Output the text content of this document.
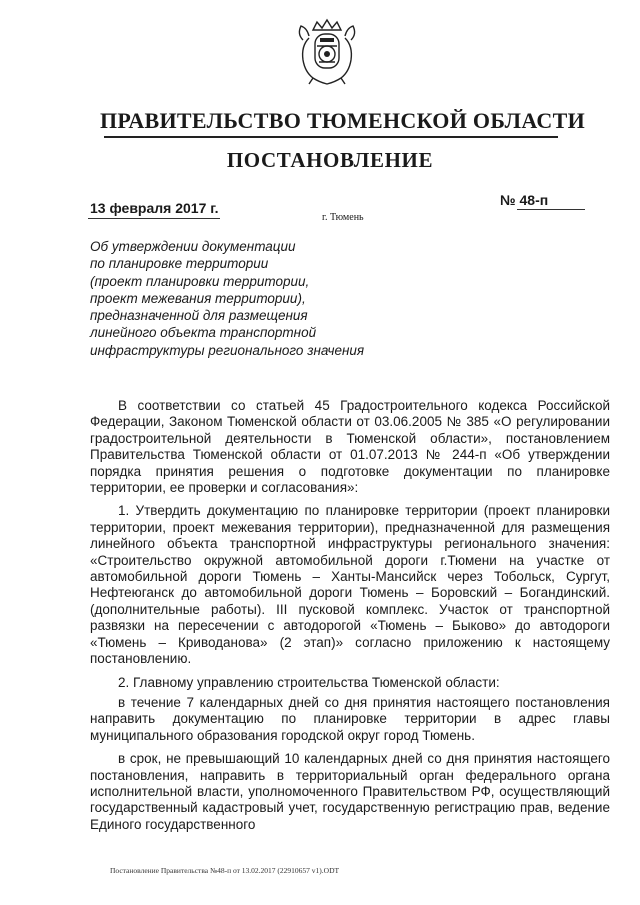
ПРАВИТЕЛЬСТВО ТЮМЕНСКОЙ ОБЛАСТИ
ПОСТАНОВЛЕНИЕ
13 февраля 2017 г.
г. Тюмень
№ 48-п
Об утверждении документации
по планировке территории
(проект планировки территории,
проект межевания территории),
предназначенной для размещения
линейного объекта транспортной
инфраструктуры регионального значения

В соответствии со статьей 45 Градостроительного кодекса Российской Федерации, Законом Тюменской области от 03.06.2005 № 385 «О регулировании градостроительной деятельности в Тюменской области», постановлением Правительства Тюменской области от 01.07.2013 № 244-п «Об утверждении порядка принятия решения о подготовке документации по планировке территории, ее проверки и согласования»:

1. Утвердить документацию по планировке территории (проект планировки территории, проект межевания территории), предназначенной для размещения линейного объекта транспортной инфраструктуры регионального значения: «Строительство окружной автомобильной дороги г.Тюмени на участке от автомобильной дороги Тюмень – Ханты-Мансийск через Тобольск, Сургут, Нефтеюганск до автомобильной дороги Тюмень – Боровский – Богандинский. (дополнительные работы). III пусковой комплекс. Участок от транспортной развязки на пересечении с автодорогой «Тюмень – Быково» до автодороги «Тюмень – Криводанова» (2 этап)» согласно приложению к настоящему постановлению.

2. Главному управлению строительства Тюменской области:

в течение 7 календарных дней со дня принятия настоящего постановления направить документацию по планировке территории в адрес главы муниципального образования городской округ город Тюмень.

в срок, не превышающий 10 календарных дней со дня принятия настоящего постановления, направить в территориальный орган федерального органа исполнительной власти, уполномоченного Правительством РФ, осуществляющий государственный кадастровый учет, государственную регистрацию прав, ведение Единого государственного

Постановление Правительства №48-п от 13.02.2017 (22910657 v1).ODT
